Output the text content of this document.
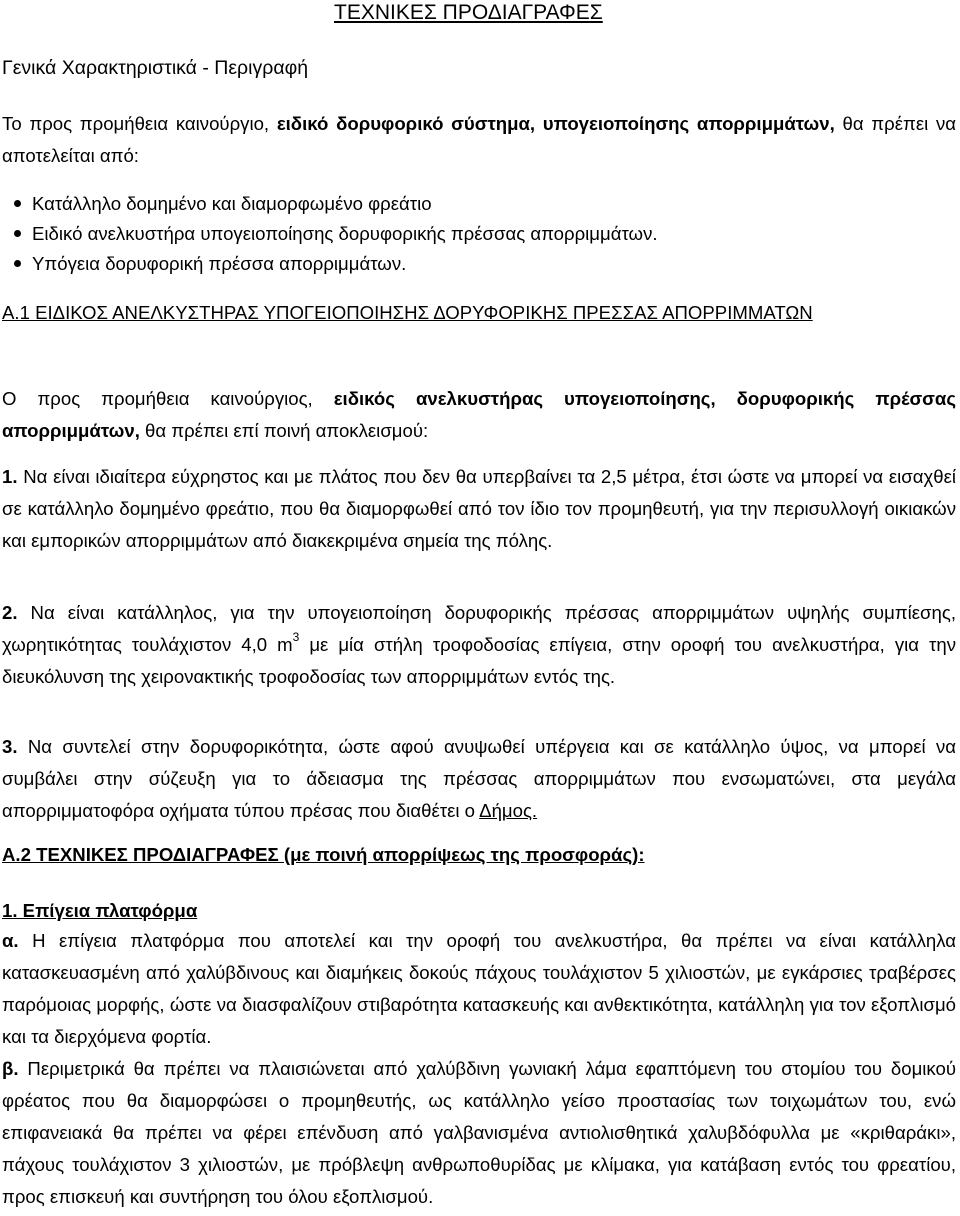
ΤΕΧΝΙΚΕΣ ΠΡΟΔΙΑΓΡΑΦΕΣ
Γενικά Χαρακτηριστικά - Περιγραφή
Το προς προμήθεια καινούργιο, ειδικό δορυφορικό σύστημα, υπογειοποίησης απορριμμάτων, θα πρέπει να αποτελείται από:
Κατάλληλο δομημένο και διαμορφωμένο φρεάτιο
Ειδικό ανελκυστήρα υπογειοποίησης δορυφορικής πρέσσας απορριμμάτων.
Υπόγεια δορυφορική πρέσσα απορριμμάτων.
Α.1 ΕΙΔΙΚΟΣ ΑΝΕΛΚΥΣΤΗΡΑΣ ΥΠΟΓΕΙΟΠΟΙΗΣΗΣ ΔΟΡΥΦΟΡΙΚΗΣ ΠΡΕΣΣΑΣ ΑΠΟΡΡΙΜΜΑΤΩΝ
Ο προς προμήθεια καινούργιος, ειδικός ανελκυστήρας υπογειοποίησης, δορυφορικής πρέσσας απορριμμάτων, θα πρέπει επί ποινή αποκλεισμού:
1. Να είναι ιδιαίτερα εύχρηστος και με πλάτος που δεν θα υπερβαίνει τα 2,5 μέτρα, έτσι ώστε να μπορεί να εισαχθεί σε κατάλληλο δομημένο φρεάτιο, που θα διαμορφωθεί από τον ίδιο τον προμηθευτή, για την περισυλλογή οικιακών και εμπορικών απορριμμάτων από διακεκριμένα σημεία της πόλης.
2. Να είναι κατάλληλος, για την υπογειοποίηση δορυφορικής πρέσσας απορριμμάτων υψηλής συμπίεσης, χωρητικότητας τουλάχιστον 4,0 $m^3$ με μία στήλη τροφοδοσίας επίγεια, στην οροφή του ανελκυστήρα, για την διευκόλυνση της χειρονακτικής τροφοδοσίας των απορριμμάτων εντός της.
3. Να συντελεί στην δορυφορικότητα, ώστε αφού ανυψωθεί υπέργεια και σε κατάλληλο ύψος, να μπορεί να συμβάλει στην σύζευξη για το άδειασμα της πρέσσας απορριμμάτων που ενσωματώνει, στα μεγάλα απορριμματοφόρα οχήματα τύπου πρέσας που διαθέτει ο Δήμος.
Α.2 ΤΕΧΝΙΚΕΣ ΠΡΟΔΙΑΓΡΑΦΕΣ (με ποινή απορρίψεως της προσφοράς):
1. Επίγεια πλατφόρμα
α. Η επίγεια πλατφόρμα που αποτελεί και την οροφή του ανελκυστήρα, θα πρέπει να είναι κατάλληλα κατασκευασμένη από χαλύβδινους και διαμήκεις δοκούς πάχους τουλάχιστον 5 χιλιοστών, με εγκάρσιες τραβέρσες παρόμοιας μορφής, ώστε να διασφαλίζουν στιβαρότητα κατασκευής και ανθεκτικότητα, κατάλληλη για τον εξοπλισμό και τα διερχόμενα φορτία.
β. Περιμετρικά θα πρέπει να πλαισιώνεται από χαλύβδινη γωνιακή λάμα εφαπτόμενη του στομίου του δομικού φρέατος που θα διαμορφώσει ο προμηθευτής, ως κατάλληλο γείσο προστασίας των τοιχωμάτων του, ενώ επιφανειακά θα πρέπει να φέρει επένδυση από γαλβανισμένα αντιολισθητικά χαλυβδόφυλλα με «κριθαράκι», πάχους τουλάχιστον 3 χιλιοστών, με πρόβλεψη ανθρωποθυρίδας με κλίμακα, για κατάβαση εντός του φρεατίου, προς επισκευή και συντήρηση του όλου εξοπλισμού.
